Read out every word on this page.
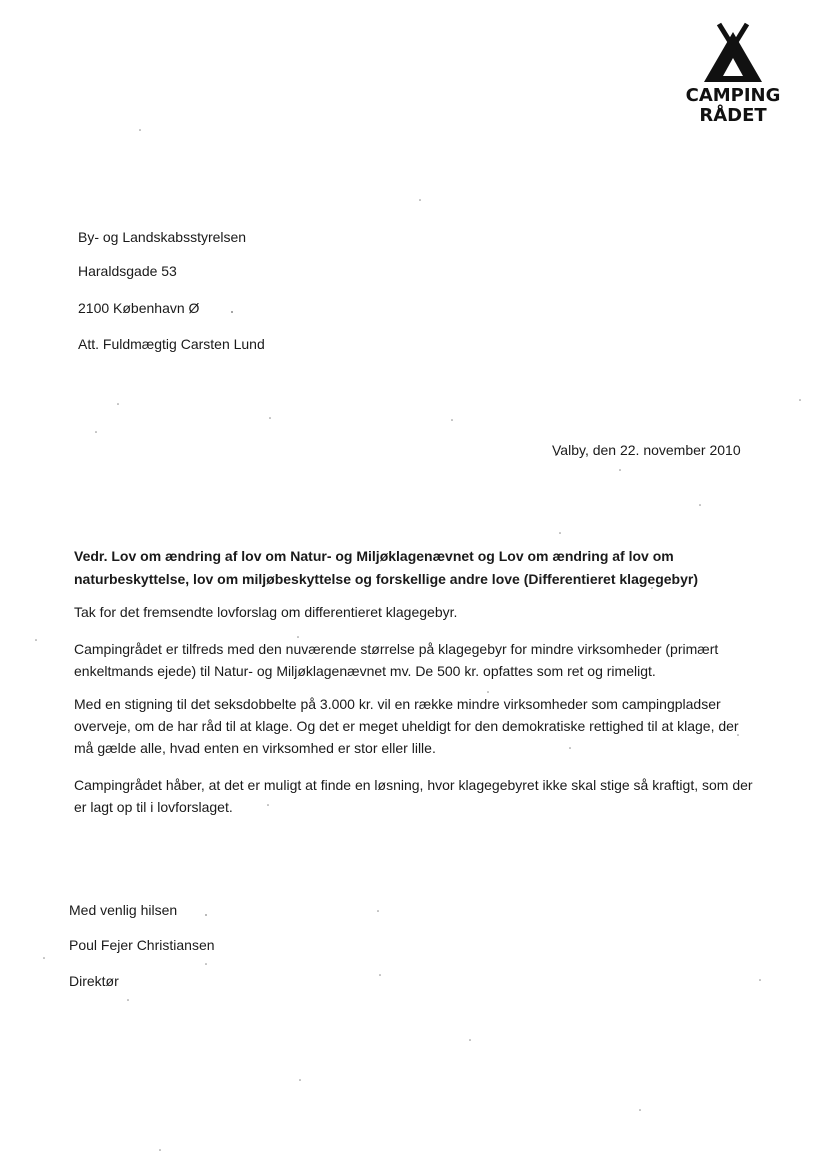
CAMPING
RÅDET
By- og Landskabsstyrelsen
Haraldsgade 53
2100 København Ø
Att. Fuldmægtig Carsten Lund
Valby, den 22. november 2010
Vedr. Lov om ændring af lov om Natur- og Miljøklagenævnet og Lov om ændring af lov om naturbeskyttelse, lov om miljøbeskyttelse og forskellige andre love (Differentieret klagegebyr)
Tak for det fremsendte lovforslag om differentieret klagegebyr.
Campingrådet er tilfreds med den nuværende størrelse på klagegebyr for mindre virksomheder (primært enkeltmands ejede) til Natur- og Miljøklagenævnet mv. De 500 kr. opfattes som ret og rimeligt.
Med en stigning til det seksdobbelte på 3.000 kr. vil en række mindre virksomheder som campingpladser overveje, om de har råd til at klage. Og det er meget uheldigt for den demokratiske rettighed til at klage, der må gælde alle, hvad enten en virksomhed er stor eller lille.
Campingrådet håber, at det er muligt at finde en løsning, hvor klagegebyret ikke skal stige så kraftigt, som der er lagt op til i lovforslaget.
Med venlig hilsen
Poul Fejer Christiansen
Direktør
